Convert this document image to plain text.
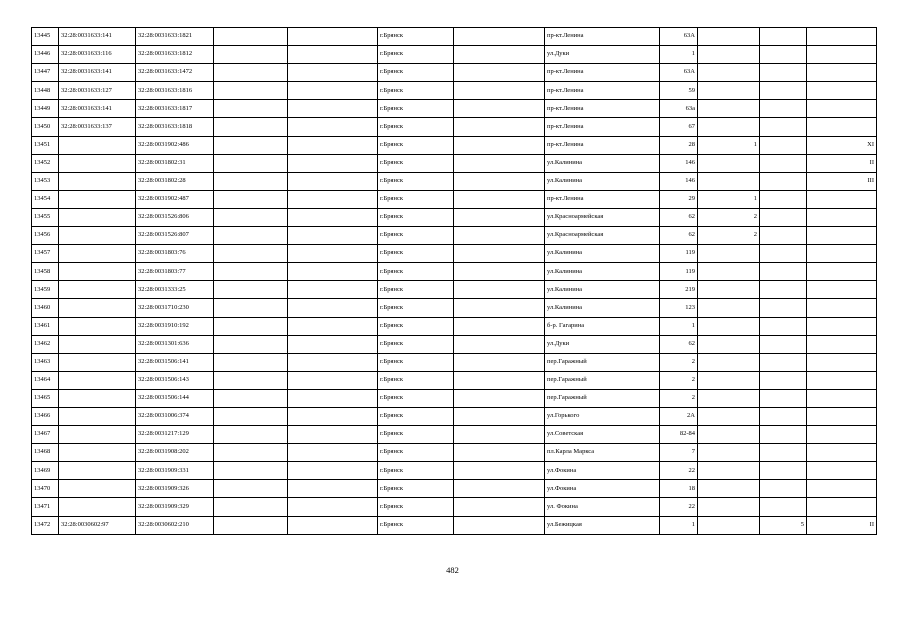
13445	32:28:0031633:141	32:28:0031633:1821			г.Брянск		пр-кт.Ленина	63А			
13446	32:28:0031633:116	32:28:0031633:1812			г.Брянск		ул.Дуки	1			
13447	32:28:0031633:141	32:28:0031633:1472			г.Брянск		пр-кт.Ленина	63А			
13448	32:28:0031633:127	32:28:0031633:1816			г.Брянск		пр-кт.Ленина	59			
13449	32:28:0031633:141	32:28:0031633:1817			г.Брянск		пр-кт.Ленина	63а			
13450	32:28:0031633:137	32:28:0031633:1818			г.Брянск		пр-кт.Ленина	67			
13451		32:28:0031902:486			г.Брянск		пр-кт.Ленина	28	1		XI
13452		32:28:0031802:31			г.Брянск		ул.Калинина	146			II
13453		32:28:0031802:28			г.Брянск		ул.Калинина	146			III
13454		32:28:0031902:487			г.Брянск		пр-кт.Ленина	29	1		
13455		32:28:0031526:806			г.Брянск		ул.Красноармейская	62	2		
13456		32:28:0031526:807			г.Брянск		ул.Красноармейская	62	2		
13457		32:28:0031803:76			г.Брянск		ул.Калинина	119			
13458		32:28:0031803:77			г.Брянск		ул.Калинина	119			
13459		32:28:0031333:25			г.Брянск		ул.Калинина	219			
13460		32:28:0031710:230			г.Брянск		ул.Калинина	123			
13461		32:28:0031910:192			г.Брянск		б-р. Гагарина	1			
13462		32:28:0031301:636			г.Брянск		ул.Дуки	62			
13463		32:28:0031506:141			г.Брянск		пер.Гаражный	2			
13464		32:28:0031506:143			г.Брянск		пер.Гаражный	2			
13465		32:28:0031506:144			г.Брянск		пер.Гаражный	2			
13466		32:28:0031006:374			г.Брянск		ул.Горького	2А			
13467		32:28:0031217:129			г.Брянск		ул.Советская	82-84			
13468		32:28:0031908:202			г.Брянск		пл.Карла Маркса	7			
13469		32:28:0031909:331			г.Брянск		ул.Фокина	22			
13470		32:28:0031909:326			г.Брянск		ул.Фокина	18			
13471		32:28:0031909:329			г.Брянск		ул. Фокина	22			
13472	32:28:0030602:97	32:28:0030602:210			г.Брянск		ул.Бежицкая	1		5	II
482
